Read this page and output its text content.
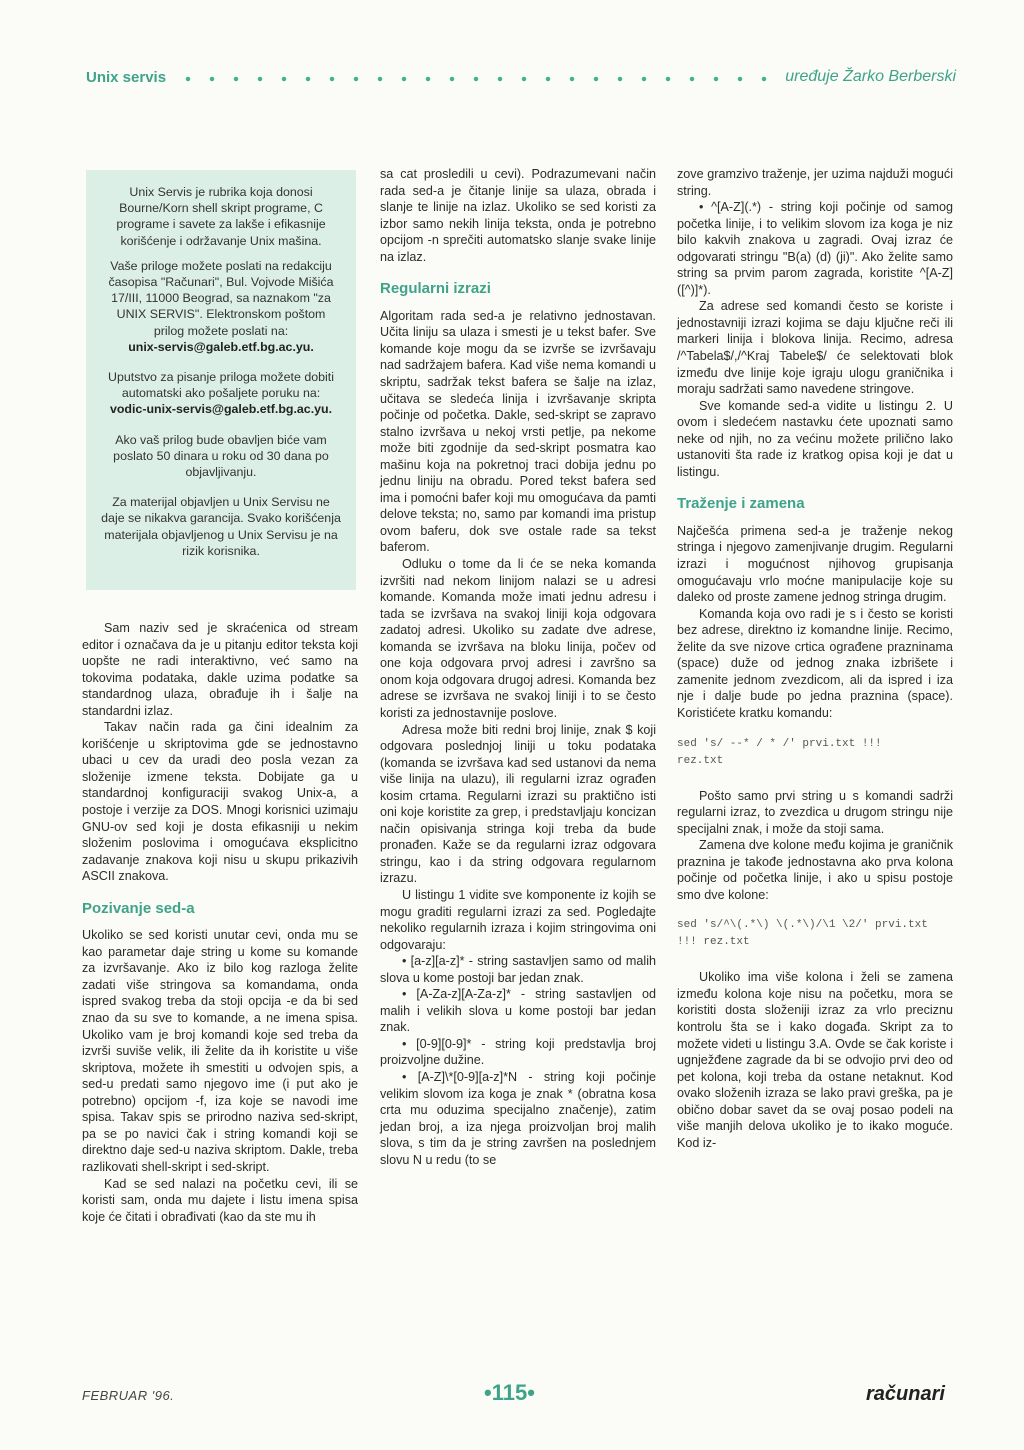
Unix servis	uređuje Žarko Berberski

Unix Servis je rubrika koja donosi Bourne/Korn shell skript programe, C programe i savete za lakše i efikasnije korišćenje i održavanje Unix mašina.

Vaše priloge možete poslati na redakciju časopisa "Računari", Bul. Vojvode Mišića 17/III, 11000 Beograd, sa naznakom "za UNIX SERVIS". Elektronskom poštom prilog možete poslati na:

unix-servis@galeb.etf.bg.ac.yu.

Uputstvo za pisanje priloga možete dobiti automatski ako pošaljete poruku na:

vodic-unix-servis@galeb.etf.bg.ac.yu.

Ako vaš prilog bude obavljen biće vam poslato 50 dinara u roku od 30 dana po objavljivanju.

Za materijal objavljen u Unix Servisu ne daje se nikakva garancija. Svako korišćenja materijala objavljenog u Unix Servisu je na rizik korisnika.

Sam naziv sed je skraćenica od stream editor i označava da je u pitanju editor teksta koji uopšte ne radi interaktivno, već samo na tokovima podataka, dakle uzima podatke sa standardnog ulaza, obrađuje ih i šalje na standardni izlaz.

Takav način rada ga čini idealnim za korišćenje u skriptovima gde se jednostavno ubaci u cev da uradi deo posla vezan za složenije izmene teksta. Dobijate ga u standardnoj konfiguraciji svakog Unix-a, a postoje i verzije za DOS. Mnogi korisnici uzimaju GNU-ov sed koji je dosta efikasniji u nekim složenim poslovima i omogućava eksplicitno zadavanje znakova koji nisu u skupu prikazivih ASCII znakova.

Pozivanje sed-a

Ukoliko se sed koristi unutar cevi, onda mu se kao parametar daje string u kome su komande za izvršavanje. Ako iz bilo kog razloga želite zadati više stringova sa komandama, onda ispred svakog treba da stoji opcija -e da bi sed znao da su sve to komande, a ne imena spisa. Ukoliko vam je broj komandi koje sed treba da izvrši suviše velik, ili želite da ih koristite u više skriptova, možete ih smestiti u odvojen spis, a sed-u predati samo njegovo ime (i put ako je potrebno) opcijom -f, iza koje se navodi ime spisa. Takav spis se prirodno naziva sed-skript, pa se po navici čak i string komandi koji se direktno daje sed-u naziva skriptom. Dakle, treba razlikovati shell-skript i sed-skript.

Kad se sed nalazi na početku cevi, ili se koristi sam, onda mu dajete i listu imena spisa koje će čitati i obrađivati (kao da ste mu ih

sa cat prosledili u cevi). Podrazumevani način rada sed-a je čitanje linije sa ulaza, obrada i slanje te linije na izlaz. Ukoliko se sed koristi za izbor samo nekih linija teksta, onda je potrebno opcijom -n sprečiti automatsko slanje svake linije na izlaz.

Regularni izrazi

Algoritam rada sed-a je relativno jednostavan. Učita liniju sa ulaza i smesti je u tekst bafer. Sve komande koje mogu da se izvrše se izvršavaju nad sadržajem bafera. Kad više nema komandi u skriptu, sadržak tekst bafera se šalje na izlaz, učitava se sledeća linija i izvršavanje skripta počinje od početka. Dakle, sed-skript se zapravo stalno izvršava u nekoj vrsti petlje, pa nekome može biti zgodnije da sed-skript posmatra kao mašinu koja na pokretnoj traci dobija jednu po jednu liniju na obradu. Pored tekst bafera sed ima i pomoćni bafer koji mu omogućava da pamti delove teksta; no, samo par komandi ima pristup ovom baferu, dok sve ostale rade sa tekst baferom.

Odluku o tome da li će se neka komanda izvršiti nad nekom linijom nalazi se u adresi komande. Komanda može imati jednu adresu i tada se izvršava na svakoj liniji koja odgovara zadatoj adresi. Ukoliko su zadate dve adrese, komanda se izvršava na bloku linija, počev od one koja odgovara prvoj adresi i završno sa onom koja odgovara drugoj adresi. Komanda bez adrese se izvršava ne svakoj liniji i to se često koristi za jednostavnije poslove.

Adresa može biti redni broj linije, znak $ koji odgovara poslednjoj liniji u toku podataka (komanda se izvršava kad sed ustanovi da nema više linija na ulazu), ili regularni izraz ograđen kosim crtama. Regularni izrazi su praktično isti oni koje koristite za grep, i predstavljaju koncizan način opisivanja stringa koji treba da bude pronađen. Kaže se da regularni izraz odgovara stringu, kao i da string odgovara regularnom izrazu.

U listingu 1 vidite sve komponente iz kojih se mogu graditi regularni izrazi za sed. Pogledajte nekoliko regularnih izraza i kojim stringovima oni odgovaraju:

• [a-z][a-z]* - string sastavljen samo od malih slova u kome postoji bar jedan znak.

• [A-Za-z][A-Za-z]* - string sastavljen od malih i velikih slova u kome postoji bar jedan znak.

• [0-9][0-9]* - string koji predstavlja broj proizvoljne dužine.

• [A-Z]\*[0-9][a-z]*N - string koji počinje velikim slovom iza koga je znak * (obratna kosa crta mu oduzima specijalno značenje), zatim jedan broj, a iza njega proizvoljan broj malih slova, s tim da je string završen na poslednjem slovu N u redu (to se

zove gramzivo traženje, jer uzima najduži mogući string.

• ^[A-Z](.*) - string koji počinje od samog početka linije, i to velikim slovom iza koga je niz bilo kakvih znakova u zagradi. Ovaj izraz će odgovarati stringu "B(a) (d) (ji)". Ako želite samo string sa prvim parom zagrada, koristite ^[A-Z]([^)]*).

Za adrese sed komandi često se koriste i jednostavniji izrazi kojima se daju ključne reči ili markeri linija i blokova linija. Recimo, adresa /^Tabela$/,/^Kraj Tabele$/ će selektovati blok između dve linije koje igraju ulogu graničnika i moraju sadržati samo navedene stringove.

Sve komande sed-a vidite u listingu 2. U ovom i sledećem nastavku ćete upoznati samo neke od njih, no za većinu možete prilično lako ustanoviti šta rade iz kratkog opisa koji je dat u listingu.

Traženje i zamena

Najčešća primena sed-a je traženje nekog stringa i njegovo zamenjivanje drugim. Regularni izrazi i mogućnost njihovog grupisanja omogućavaju vrlo moćne manipulacije koje su daleko od proste zamene jednog stringa drugim.

Komanda koja ovo radi je s i često se koristi bez adrese, direktno iz komandne linije. Recimo, želite da sve nizove crtica ograđene prazninama (space) duže od jednog znaka izbrišete i zamenite jednom zvezdicom, ali da ispred i iza nje i dalje bude po jedna praznina (space). Koristićete kratku komandu:

sed 's/ --* / * /' prvi.txt !!!
rez.txt

Pošto samo prvi string u s komandi sadrži regularni izraz, to zvezdica u drugom stringu nije specijalni znak, i može da stoji sama.

Zamena dve kolone među kojima je graničnik praznina je takođe jednostavna ako prva kolona počinje od početka linije, i ako u spisu postoje smo dve kolone:

sed 's/^\(.*\) \(.*\)/\1 \2/' prvi.txt
!!! rez.txt

Ukoliko ima više kolona i želi se zamena između kolona koje nisu na početku, mora se koristiti dosta složeniji izraz za vrlo preciznu kontrolu šta se i kako događa. Skript za to možete videti u listingu 3.A. Ovde se čak koriste i ugnježđene zagrade da bi se odvojio prvi deo od pet kolona, koji treba da ostane netaknut. Kod ovako složenih izraza se lako pravi greška, pa je obično dobar savet da se ovaj posao podeli na više manjih delova ukoliko je to ikako moguće. Kod iz-

FEBRUAR '96.	•115•	računari
